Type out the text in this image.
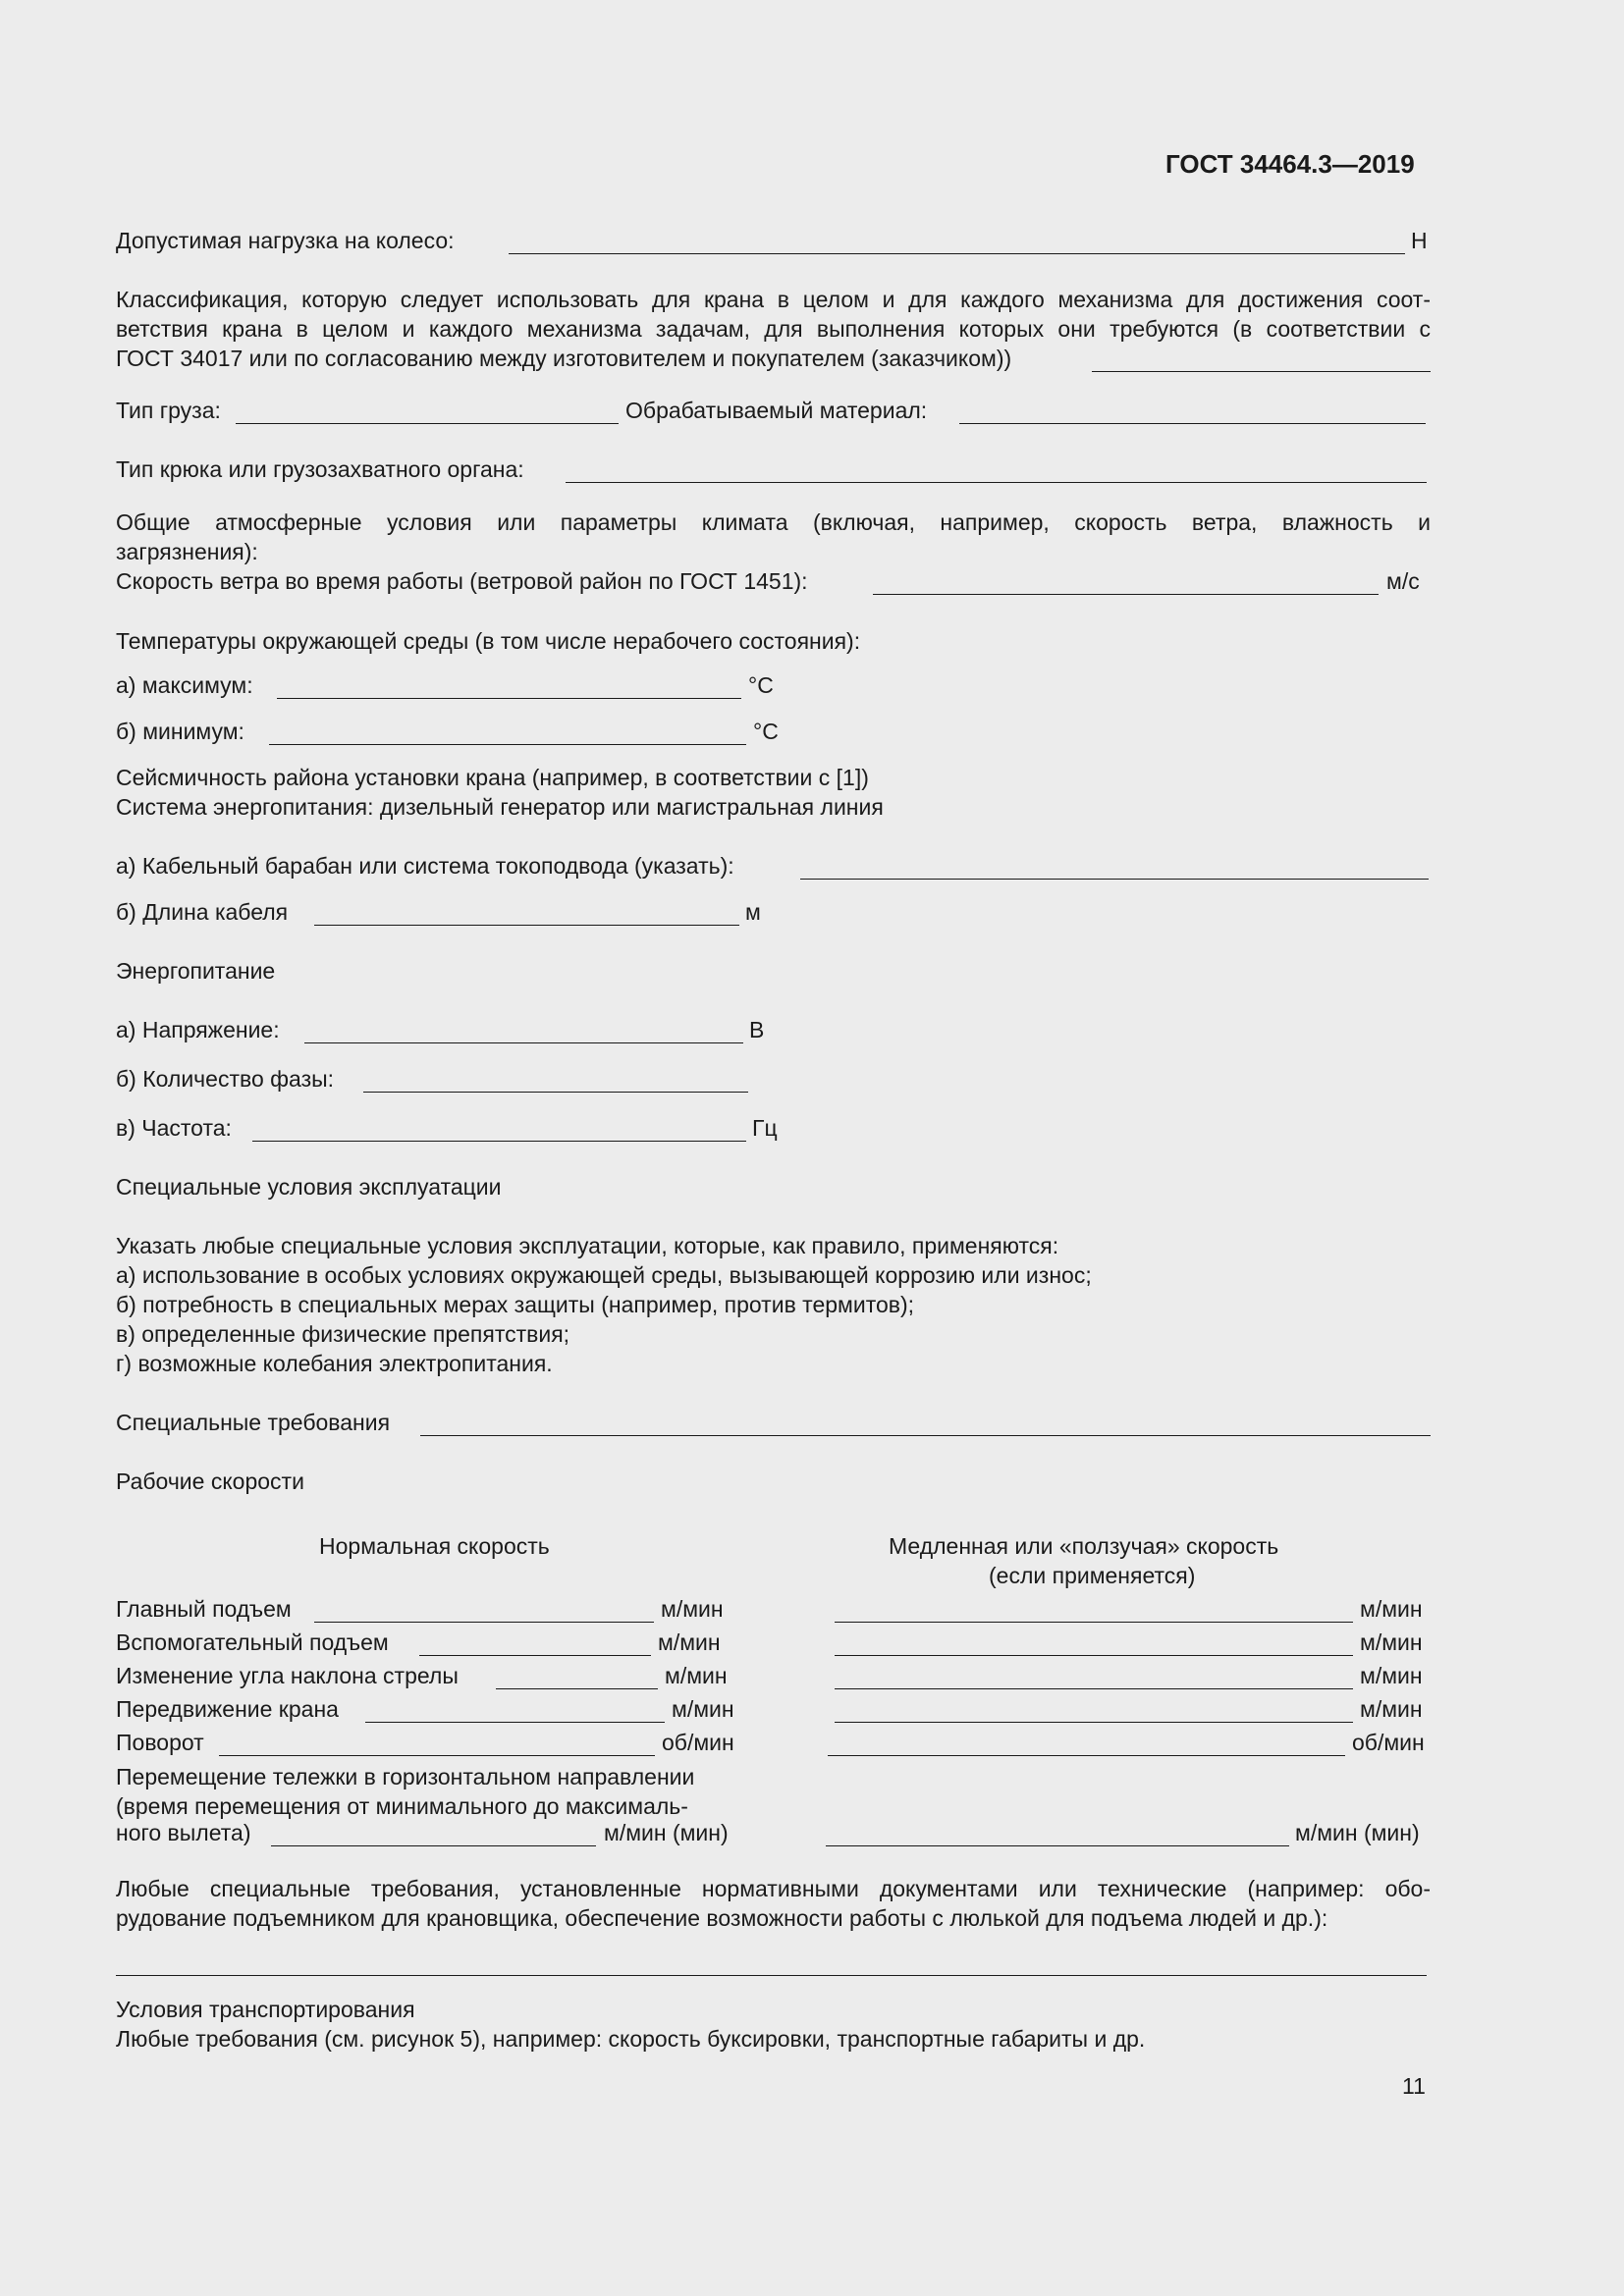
ГОСТ 34464.3—2019
Допустимая нагрузка на колесо:	Н
Классификация, которую следует использовать для крана в целом и для каждого механизма для достижения соот-
ветствия крана в целом и каждого механизма задачам, для выполнения которых они требуются (в соответствии с
ГОСТ 34017 или по согласованию между изготовителем и покупателем (заказчиком))
Тип груза:	Обрабатываемый материал:
Тип крюка или грузозахватного органа:
Общие атмосферные условия или параметры климата (включая, например, скорость ветра, влажность и
загрязнения):
Скорость ветра во время работы (ветровой район по ГОСТ 1451):	м/с
Температуры окружающей среды (в том числе нерабочего состояния):
а) максимум:	°C
б) минимум:	°C
Сейсмичность района установки крана (например, в соответствии с [1])
Система энергопитания: дизельный генератор или магистральная линия
а) Кабельный барабан или система токоподвода (указать):
б) Длина кабеля	м
Энергопитание
а) Напряжение:	В
б) Количество фазы:
в) Частота:	Гц
Специальные условия эксплуатации
Указать любые специальные условия эксплуатации, которые, как правило, применяются:
а) использование в особых условиях окружающей среды, вызывающей коррозию или износ;
б) потребность в специальных мерах защиты (например, против термитов);
в) определенные физические препятствия;
г) возможные колебания электропитания.
Специальные требования
Рабочие скорости
Нормальная скорость	Медленная или «ползучая» скорость
(если применяется)
Главный подъем	м/мин	м/мин
Вспомогательный подъем	м/мин	м/мин
Изменение угла наклона стрелы	м/мин	м/мин
Передвижение крана	м/мин	м/мин
Поворот	об/мин	об/мин
Перемещение тележки в горизонтальном направлении
(время перемещения от минимального до максималь-
ного вылета)	м/мин (мин)	м/мин (мин)
Любые специальные требования, установленные нормативными документами или технические (например: обо-
рудование подъемником для крановщика, обеспечение возможности работы с люлькой для подъема людей и др.):
Условия транспортирования
Любые требования (см. рисунок 5), например: скорость буксировки, транспортные габариты и др.
11
